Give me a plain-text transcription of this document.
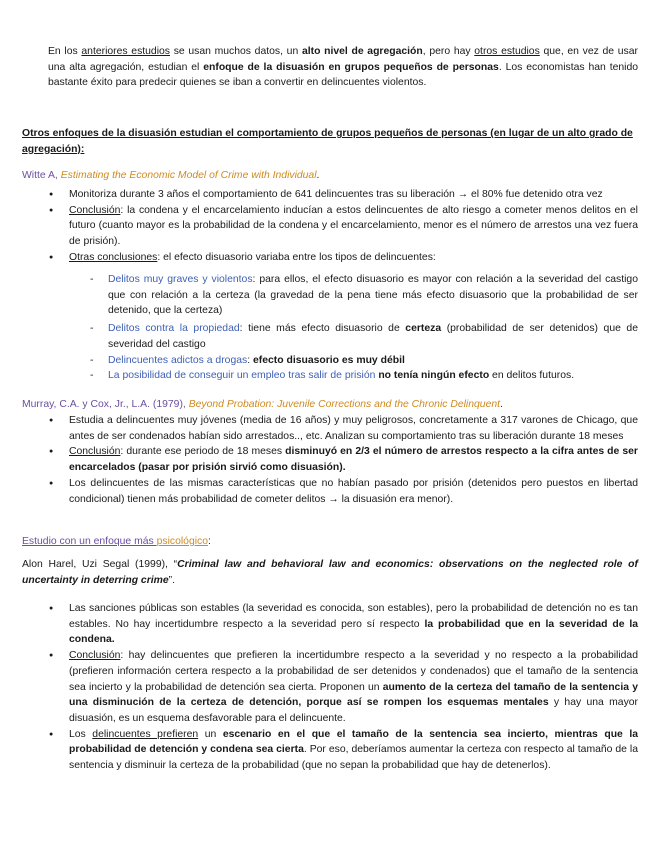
En los anteriores estudios se usan muchos datos, un alto nivel de agregación, pero hay otros estudios que, en vez de usar una alta agregación, estudian el enfoque de la disuasión en grupos pequeños de personas. Los economistas han tenido bastante éxito para predecir quienes se iban a convertir en delincuentes violentos.

Otros enfoques de la disuasión estudian el comportamiento de grupos pequeños de personas (en lugar de un alto grado de agregación):

Witte A, Estimating the Economic Model of Crime with Individual.

● Monitoriza durante 3 años el comportamiento de 641 delincuentes tras su liberación → el 80% fue detenido otra vez
● Conclusión: la condena y el encarcelamiento inducían a estos delincuentes de alto riesgo a cometer menos delitos en el futuro (cuanto mayor es la probabilidad de la condena y el encarcelamiento, menor es el número de arrestos una vez fuera de prisión).
● Otras conclusiones: el efecto disuasorio variaba entre los tipos de delincuentes:
- Delitos muy graves y violentos: para ellos, el efecto disuasorio es mayor con relación a la severidad del castigo que con relación a la certeza (la gravedad de la pena tiene más efecto disuasorio que la probabilidad de ser detenido, que la certeza)
- Delitos contra la propiedad: tiene más efecto disuasorio de certeza (probabilidad de ser detenidos) que de severidad del castigo
- Delincuentes adictos a drogas: efecto disuasorio es muy débil
- La posibilidad de conseguir un empleo tras salir de prisión no tenía ningún efecto en delitos futuros.

Murray, C.A. y Cox, Jr., L.A. (1979), Beyond Probation: Juvenile Corrections and the Chronic Delinquent.

● Estudia a delincuentes muy jóvenes (media de 16 años) y muy peligrosos, concretamente a 317 varones de Chicago, que antes de ser condenados habían sido arrestados.., etc. Analizan su comportamiento tras su liberación durante 18 meses
● Conclusión: durante ese periodo de 18 meses disminuyó en 2/3 el número de arrestos respecto a la cifra antes de ser encarcelados (pasar por prisión sirvió como disuasión).
● Los delincuentes de las mismas características que no habían pasado por prisión (detenidos pero puestos en libertad condicional) tienen más probabilidad de cometer delitos → la disuasión era menor).

Estudio con un enfoque más psicológico:

Alon Harel, Uzi Segal (1999), “Criminal law and behavioral law and economics: observations on the neglected role of uncertainty in deterring crime”.

● Las sanciones públicas son estables (la severidad es conocida, son estables), pero la probabilidad de detención no es tan estables. No hay incertidumbre respecto a la severidad pero sí respecto la probabilidad que en la severidad de la condena.
● Conclusión: hay delincuentes que prefieren la incertidumbre respecto a la severidad y no respecto a la probabilidad (prefieren información certera respecto a la probabilidad de ser detenidos y condenados) que el tamaño de la sentencia sea incierto y la probabilidad de detención sea cierta. Proponen un aumento de la certeza del tamaño de la sentencia y una disminución de la certeza de detención, porque así se rompen los esquemas mentales y hay una mayor disuasión, es un esquema desfavorable para el delincuente.
● Los delincuentes prefieren un escenario en el que el tamaño de la sentencia sea incierto, mientras que la probabilidad de detención y condena sea cierta. Por eso, deberíamos aumentar la certeza con respecto al tamaño de la sentencia y disminuir la certeza de la probabilidad (que no sepan la probabilidad que hay de detenerlos).
